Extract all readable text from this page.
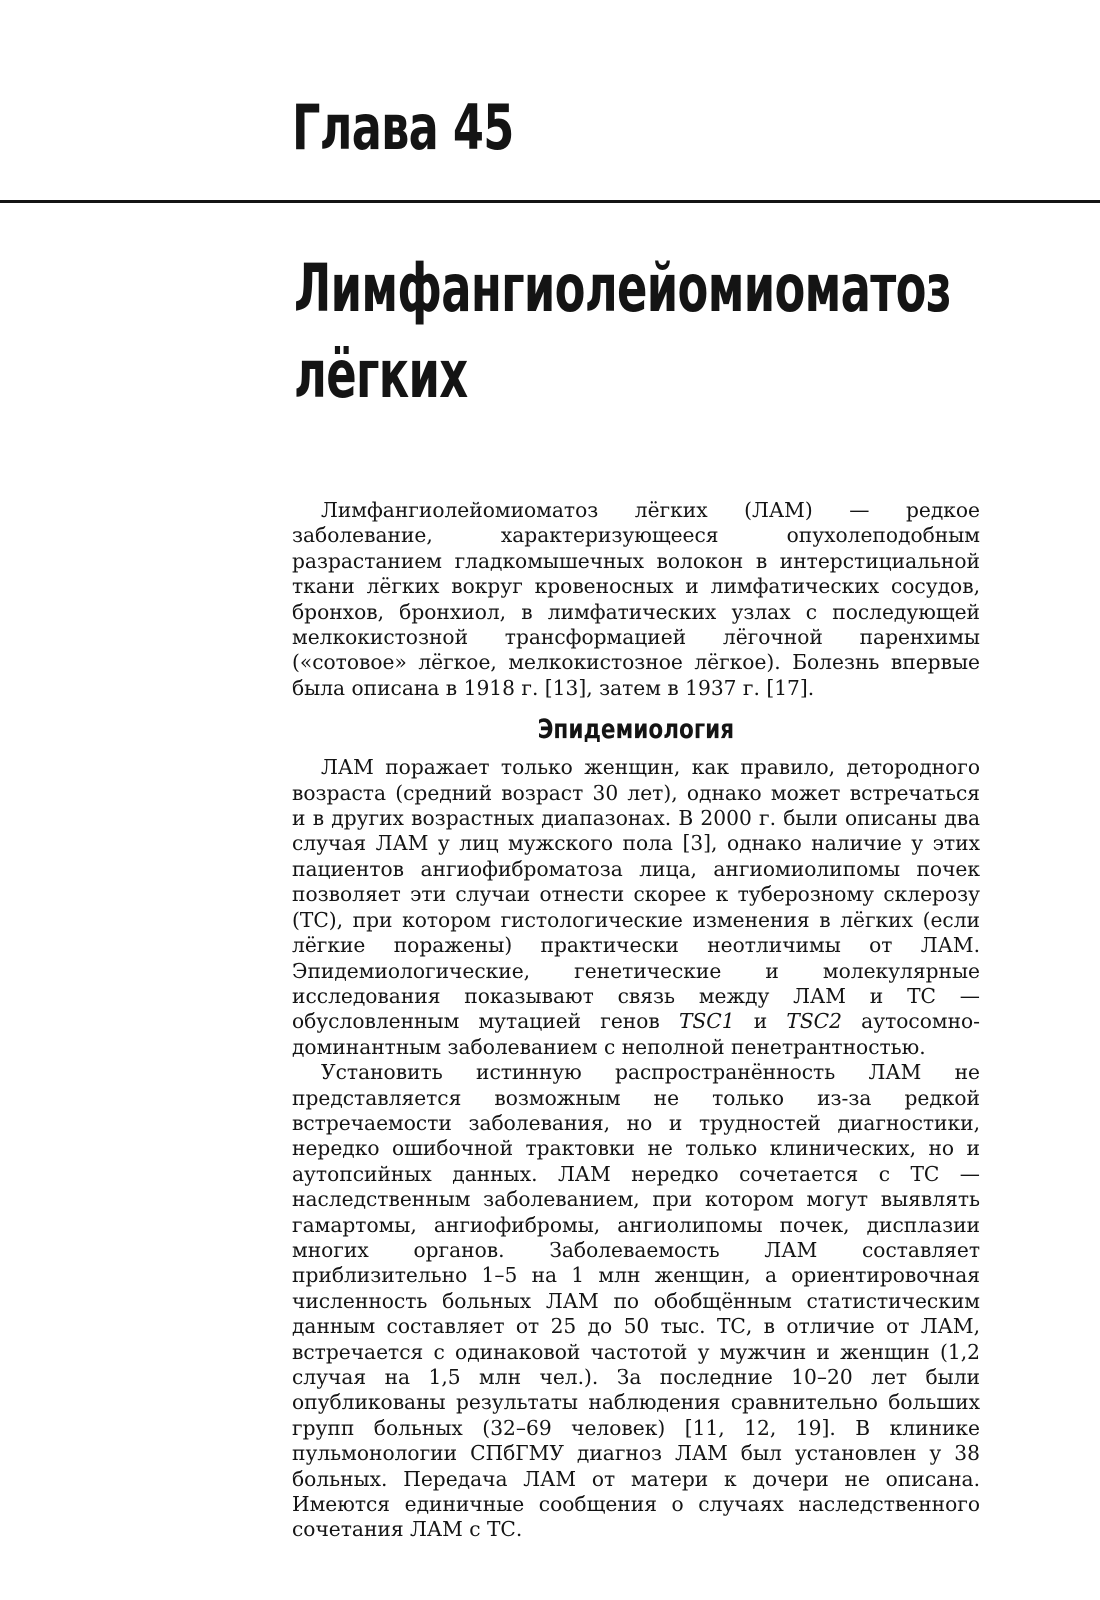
Глава 45
Лимфангиолейомиоматоз
лёгких

Лимфангиолейомиоматоз лёгких (ЛАМ) — редкое заболевание, характеризующееся опухолеподобным разрастанием гладкомышечных волокон в интерстициальной ткани лёгких вокруг кровеносных и лимфатических сосудов, бронхов, бронхиол, в лимфатических узлах с последующей мелкокистозной трансформацией лёгочной паренхимы («сотовое» лёгкое, мелкокистозное лёгкое). Болезнь впервые была описана в 1918 г. [13], затем в 1937 г. [17].

Эпидемиология

ЛАМ поражает только женщин, как правило, детородного возраста (средний возраст 30 лет), однако может встречаться и в других возрастных диапазонах. В 2000 г. были описаны два случая ЛАМ у лиц мужского пола [3], однако наличие у этих пациентов ангиофиброматоза лица, ангиомиолипомы почек позволяет эти случаи отнести скорее к туберозному склерозу (ТС), при котором гистологические изменения в лёгких (если лёгкие поражены) практически неотличимы от ЛАМ. Эпидемиологические, генетические и молекулярные исследования показывают связь между ЛАМ и ТС — обусловленным мутацией генов TSC1 и TSC2 аутосомно-доминантным заболеванием с неполной пенетрантностью.

Установить истинную распространённость ЛАМ не представляется возможным не только из-за редкой встречаемости заболевания, но и трудностей диагностики, нередко ошибочной трактовки не только клинических, но и аутопсийных данных. ЛАМ нередко сочетается с ТС — наследственным заболеванием, при котором могут выявлять гамартомы, ангиофибромы, ангиолипомы почек, дисплазии многих органов. Заболеваемость ЛАМ составляет приблизительно 1–5 на 1 млн женщин, а ориентировочная численность больных ЛАМ по обобщённым статистическим данным составляет от 25 до 50 тыс. ТС, в отличие от ЛАМ, встречается с одинаковой частотой у мужчин и женщин (1,2 случая на 1,5 млн чел.). За последние 10–20 лет были опубликованы результаты наблюдения сравнительно больших групп больных (32–69 человек) [11, 12, 19]. В клинике пульмонологии СПбГМУ диагноз ЛАМ был установлен у 38 больных. Передача ЛАМ от матери к дочери не описана. Имеются единичные сообщения о случаях наследственного сочетания ЛАМ с ТС.
